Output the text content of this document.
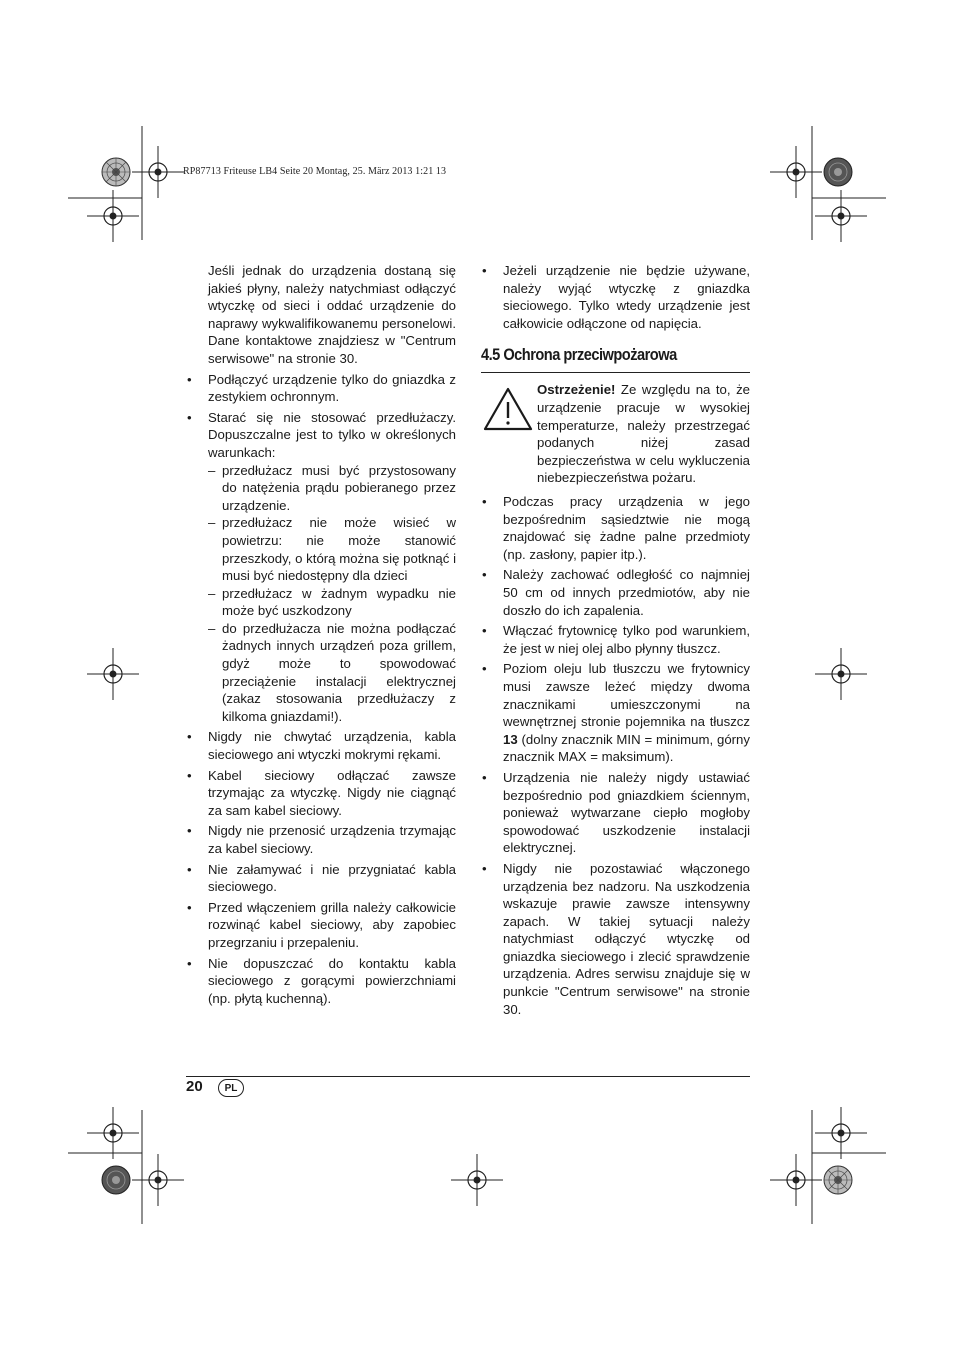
RP87713 Friteuse LB4 Seite 20 Montag, 25. März 2013 1:21 13

Jeśli jednak do urządzenia dostaną się jakieś płyny, należy natychmiast odłączyć wtyczkę od sieci i oddać urządzenie do naprawy wykwalifikowanemu personelowi. Dane kontaktowe znajdziesz w "Centrum serwisowe" na stronie 30.

• Podłączyć urządzenie tylko do gniazdka z zestykiem ochronnym.
• Starać się nie stosować przedłużaczy. Dopuszczalne jest to tylko w określonych warunkach:
– przedłużacz musi być przystosowany do natężenia prądu pobieranego przez urządzenie.
– przedłużacz nie może wisieć w powietrzu: nie może stanowić przeszkody, o którą można się potknąć i musi być niedostępny dla dzieci
– przedłużacz w żadnym wypadku nie może być uszkodzony
– do przedłużacza nie można podłączać żadnych innych urządzeń poza grillem, gdyż może to spowodować przeciążenie instalacji elektrycznej (zakaz stosowania przedłużaczy z kilkoma gniazdami!).
• Nigdy nie chwytać urządzenia, kabla sieciowego ani wtyczki mokrymi rękami.
• Kabel sieciowy odłączać zawsze trzymając za wtyczkę. Nigdy nie ciągnąć za sam kabel sieciowy.
• Nigdy nie przenosić urządzenia trzymając za kabel sieciowy.
• Nie załamywać i nie przygniatać kabla sieciowego.
• Przed włączeniem grilla należy całkowicie rozwinąć kabel sieciowy, aby zapobiec przegrzaniu i przepaleniu.
• Nie dopuszczać do kontaktu kabla sieciowego z gorącymi powierzchniami (np. płytą kuchenną).
• Jeżeli urządzenie nie będzie używane, należy wyjąć wtyczkę z gniazdka sieciowego. Tylko wtedy urządzenie jest całkowicie odłączone od napięcia.
4.5 Ochrona przeciwpożarowa
Ostrzeżenie! Ze względu na to, że urządzenie pracuje w wysokiej temperaturze, należy przestrzegać podanych niżej zasad bezpieczeństwa w celu wykluczenia niebezpieczeństwa pożaru.
• Podczas pracy urządzenia w jego bezpośrednim sąsiedztwie nie mogą znajdować się żadne palne przedmioty (np. zasłony, papier itp.).
• Należy zachować odległość co najmniej 50 cm od innych przedmiotów, aby nie doszło do ich zapalenia.
• Włączać frytownicę tylko pod warunkiem, że jest w niej olej albo płynny tłuszcz.
• Poziom oleju lub tłuszczu we frytownicy musi zawsze leżeć między dwoma znacznikami umieszczonymi na wewnętrznej stronie pojemnika na tłuszcz 13 (dolny znacznik MIN = minimum, górny znacznik MAX = maksimum).
• Urządzenia nie należy nigdy ustawiać bezpośrednio pod gniazdkiem ściennym, ponieważ wytwarzane ciepło mogłoby spowodować uszkodzenie instalacji elektrycznej.
• Nigdy nie pozostawiać włączonego urządzenia bez nadzoru. Na uszkodzenia wskazuje prawie zawsze intensywny zapach. W takiej sytuacji należy natychmiast odłączyć wtyczkę od gniazdka sieciowego i zlecić sprawdzenie urządzenia. Adres serwisu znajduje się w punkcie "Centrum serwisowe" na stronie 30.
20	PL
